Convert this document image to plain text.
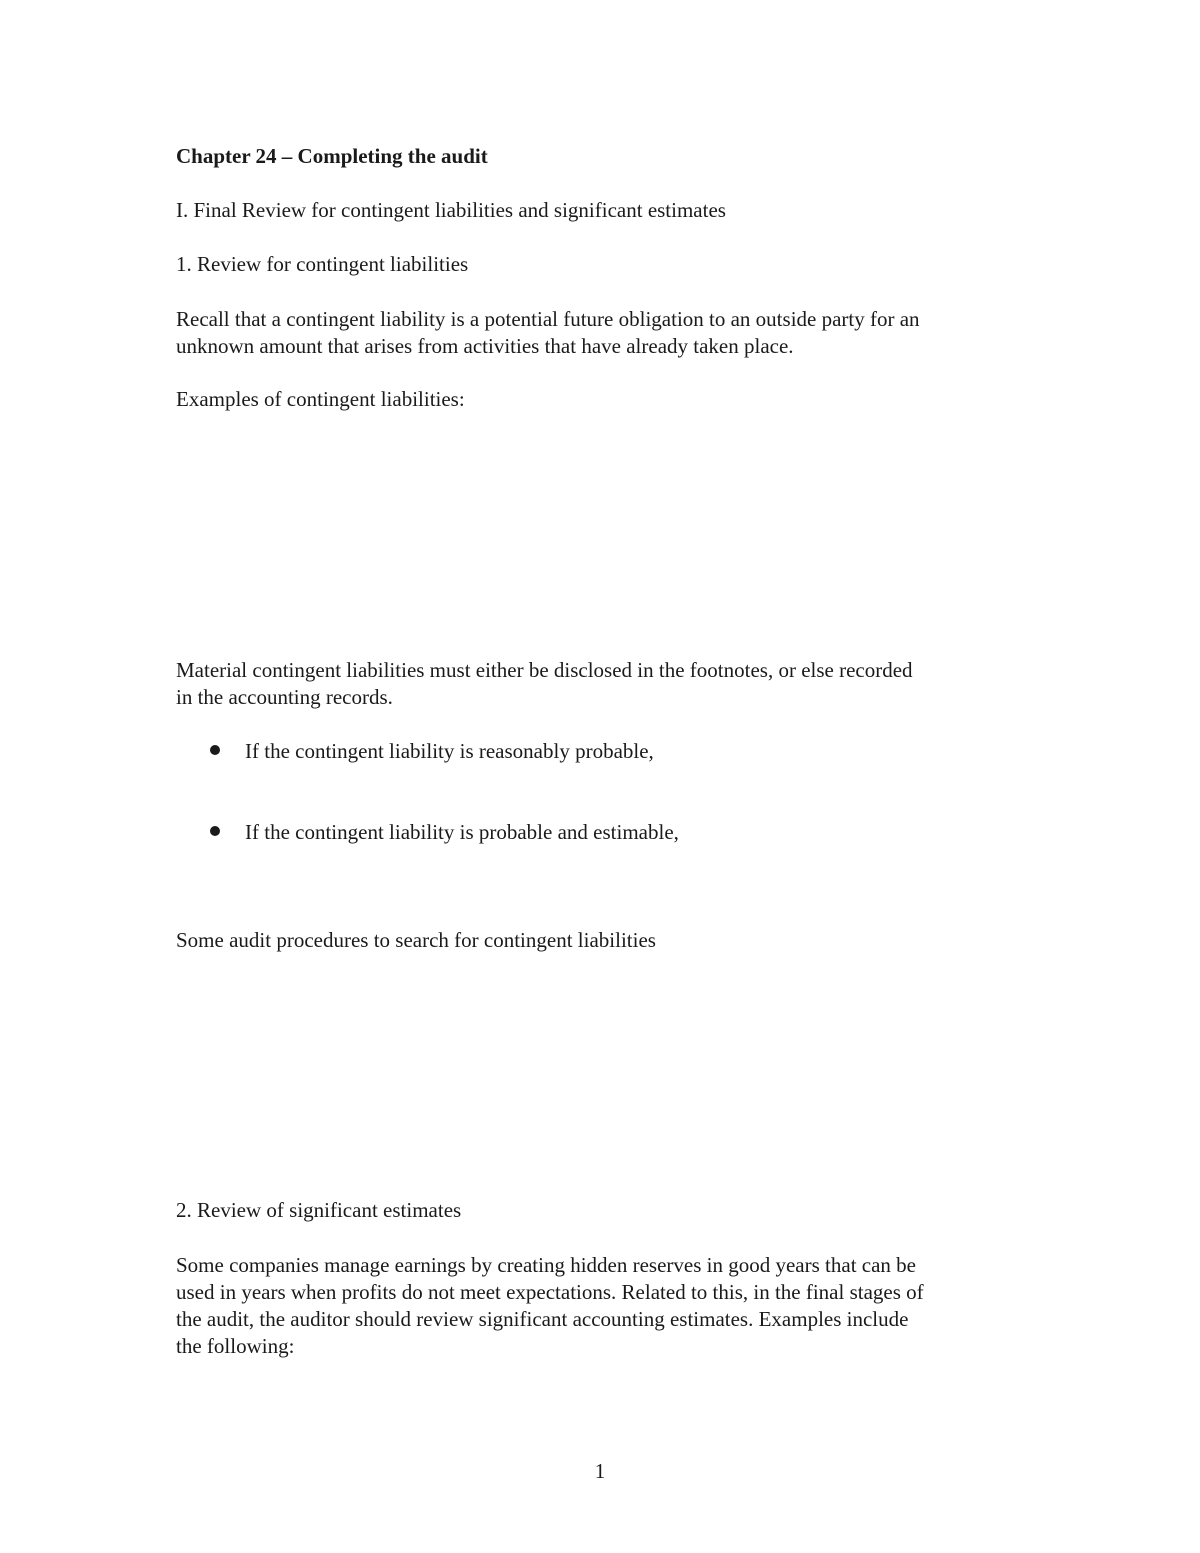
Chapter 24 – Completing the audit
I. Final Review for contingent liabilities and significant estimates
1. Review for contingent liabilities
Recall that a contingent liability is a potential future obligation to an outside party for an
unknown amount that arises from activities that have already taken place.
Examples of contingent liabilities:
Material contingent liabilities must either be disclosed in the footnotes, or else recorded
in the accounting records.
If the contingent liability is reasonably probable,
If the contingent liability is probable and estimable,
Some audit procedures to search for contingent liabilities
2. Review of significant estimates
Some companies manage earnings by creating hidden reserves in good years that can be
used in years when profits do not meet expectations. Related to this, in the final stages of
the audit, the auditor should review significant accounting estimates. Examples include
the following:
1
